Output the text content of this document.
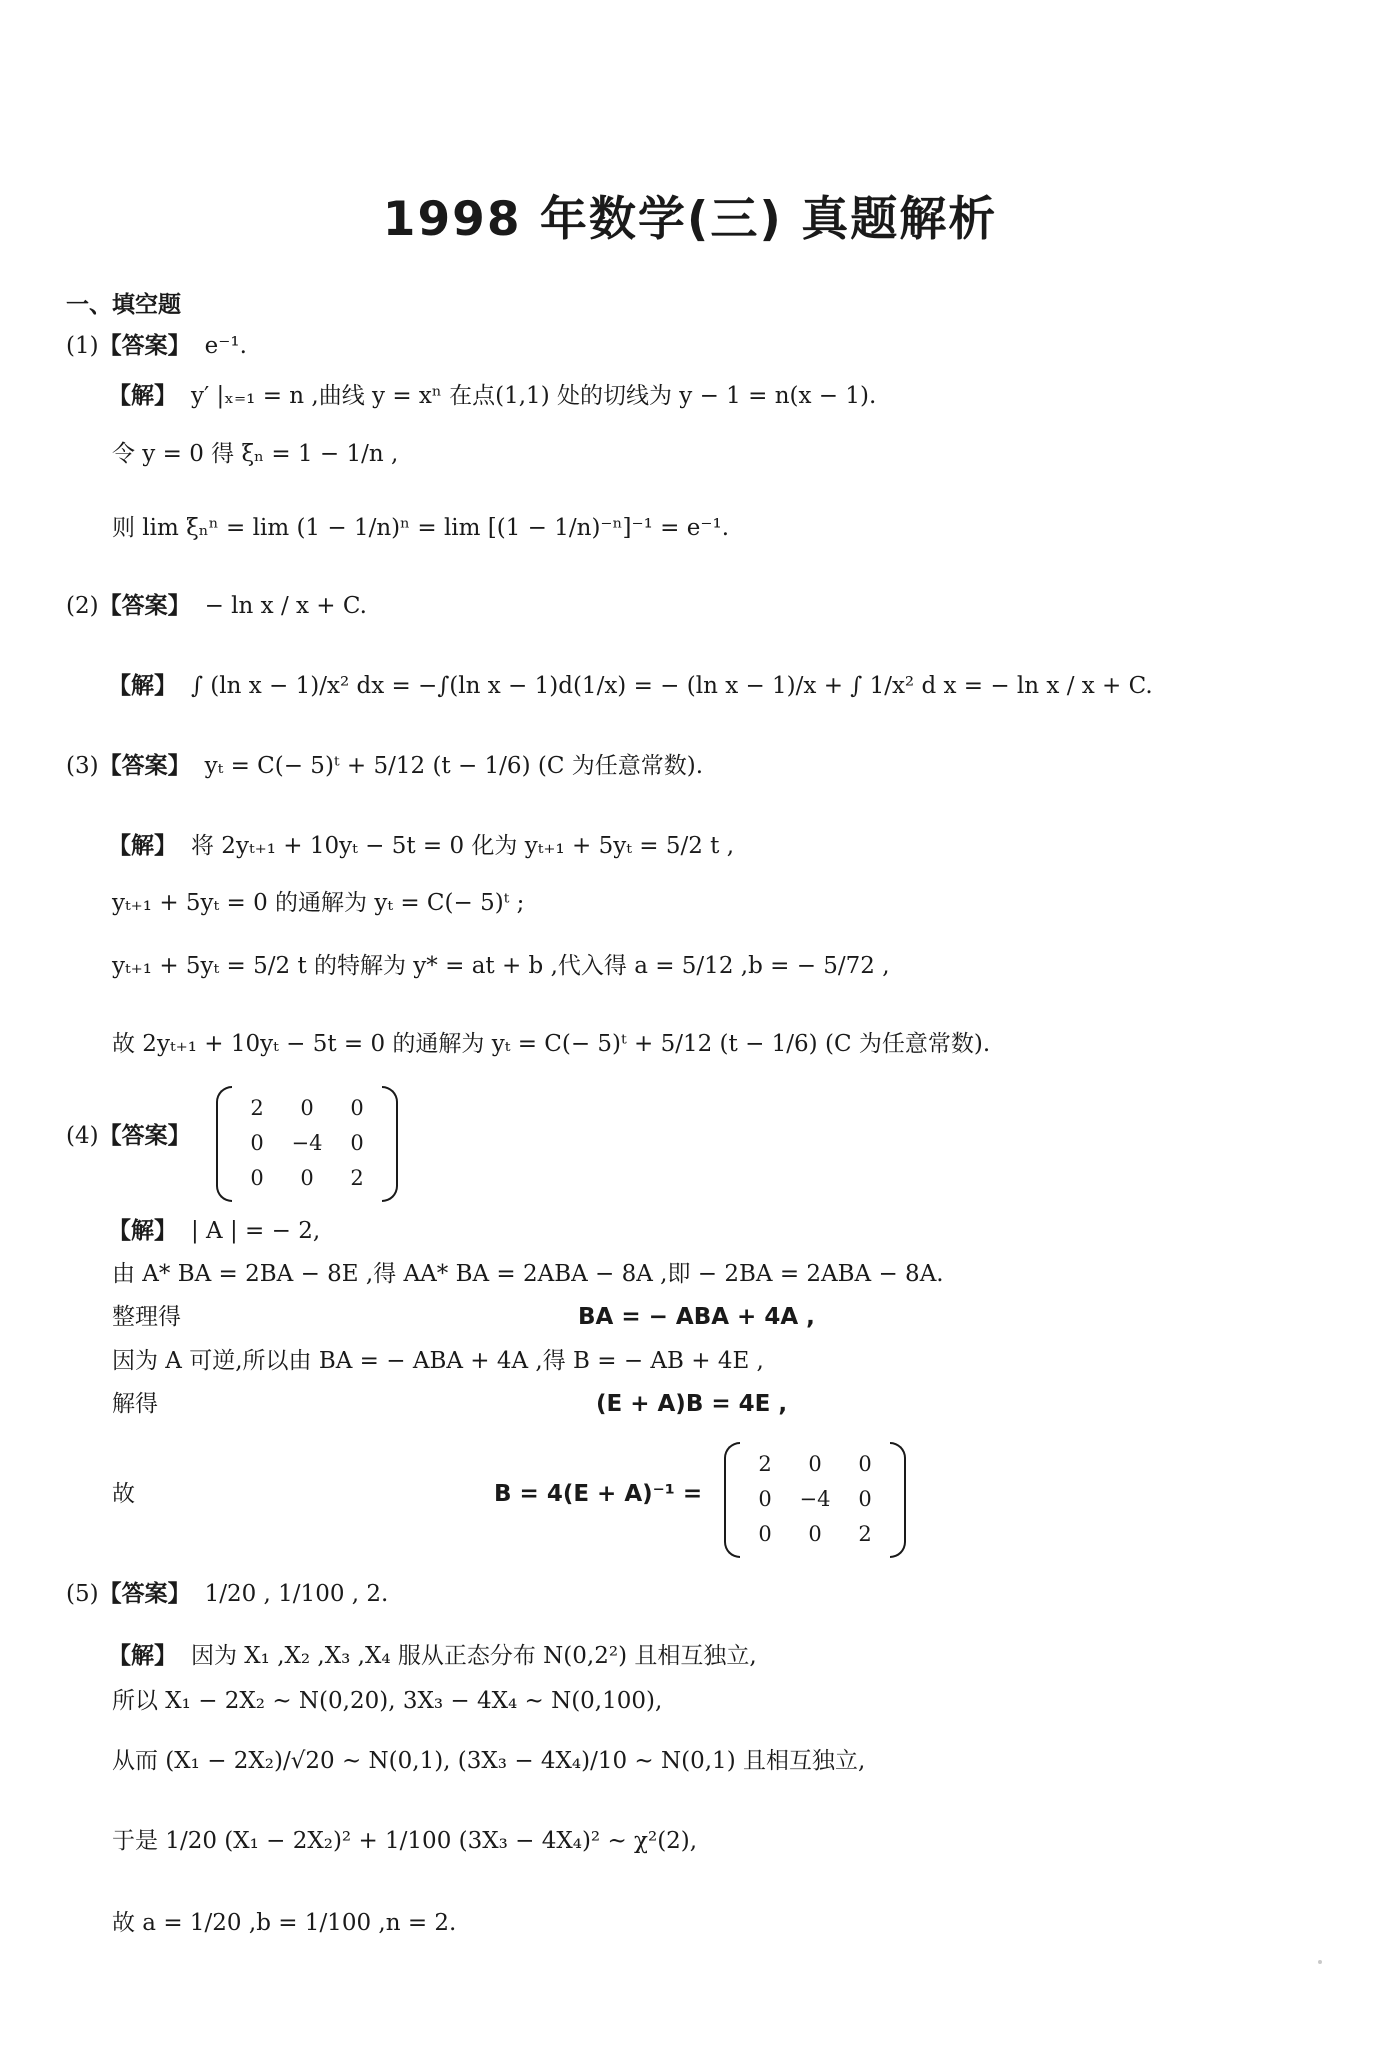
1998 年数学(三) 真题解析
一、填空题
(1)【答案】 e⁻¹.
【解】 y′ |ₓ₌₁ = n ,曲线 y = xⁿ 在点(1,1) 处的切线为 y − 1 = n(x − 1).
令 y = 0 得 ξₙ = 1 − 1/n ,
则 lim ξₙⁿ = lim (1 − 1/n)ⁿ = lim [(1 − 1/n)⁻ⁿ]⁻¹ = e⁻¹.
(2)【答案】 − ln x / x + C.
【解】 ∫ (ln x − 1)/x² dx = −∫(ln x − 1)d(1/x) = − (ln x − 1)/x + ∫ 1/x² d x = − ln x / x + C.
(3)【答案】 yₜ = C(− 5)ᵗ + 5/12 (t − 1/6) (C 为任意常数).
【解】 将 2yₜ₊₁ + 10yₜ − 5t = 0 化为 yₜ₊₁ + 5yₜ = 5/2 t ,
yₜ₊₁ + 5yₜ = 0 的通解为 yₜ = C(− 5)ᵗ ;
yₜ₊₁ + 5yₜ = 5/2 t 的特解为 y* = at + b ,代入得 a = 5/12 ,b = − 5/72 ,
故 2yₜ₊₁ + 10yₜ − 5t = 0 的通解为 yₜ = C(− 5)ᵗ + 5/12 (t − 1/6) (C 为任意常数).
(4)【答案】
2	0	0
0	−4	0
0	0	2
【解】 | A | = − 2,
由 A* BA = 2BA − 8E ,得 AA* BA = 2ABA − 8A ,即 − 2BA = 2ABA − 8A.
整理得	BA = − ABA + 4A ,
因为 A 可逆,所以由 BA = − ABA + 4A ,得 B = − AB + 4E ,
解得	(E + A)B = 4E ,
故	B = 4(E + A)⁻¹ =
2	0	0
0	−4	0
0	0	2
(5)【答案】 1/20 , 1/100 , 2.
【解】 因为 X₁ ,X₂ ,X₃ ,X₄ 服从正态分布 N(0,2²) 且相互独立,
所以 X₁ − 2X₂ ~ N(0,20), 3X₃ − 4X₄ ~ N(0,100),
从而 (X₁ − 2X₂)/√20 ~ N(0,1), (3X₃ − 4X₄)/10 ~ N(0,1) 且相互独立,
于是 1/20 (X₁ − 2X₂)² + 1/100 (3X₃ − 4X₄)² ~ χ²(2),
故 a = 1/20 ,b = 1/100 ,n = 2.
